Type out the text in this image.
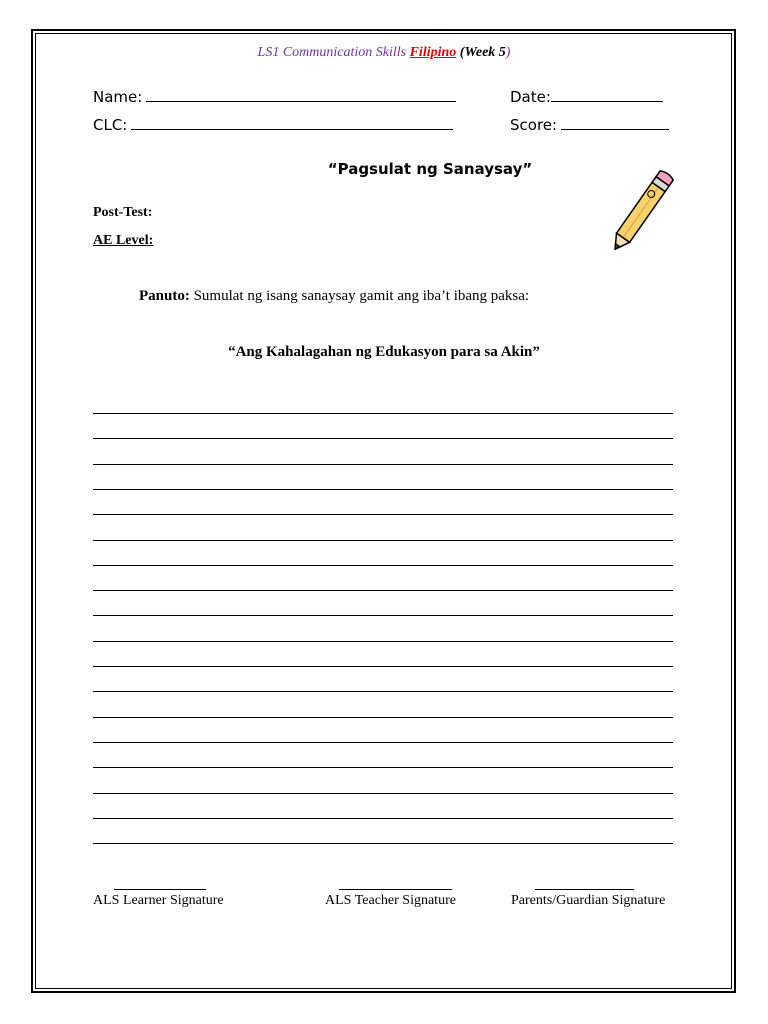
LS1 Communication Skills Filipino (Week 5)
Name:	Date:
CLC:	Score:
“Pagsulat ng Sanaysay”
Post-Test:
AE Level:
Panuto: Sumulat ng isang sanaysay gamit ang iba’t ibang paksa:
“Ang Kahalagahan ng Edukasyon para sa Akin”
ALS Learner Signature	ALS Teacher Signature	Parents/Guardian Signature
